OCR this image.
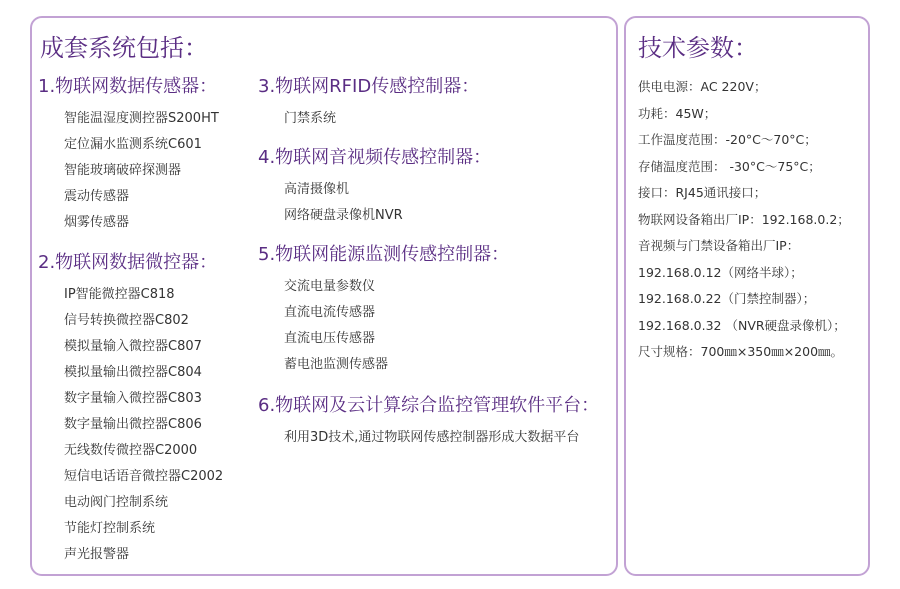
成套系统包括：
1.物联网数据传感器：
智能温湿度测控器S200HT
定位漏水监测系统C601
智能玻璃破碎探测器
震动传感器
烟雾传感器
2.物联网数据微控器：
IP智能微控器C818
信号转换微控器C802
模拟量输入微控器C807
模拟量输出微控器C804
数字量输入微控器C803
数字量输出微控器C806
无线数传微控器C2000
短信电话语音微控器C2002
电动阀门控制系统
节能灯控制系统
声光报警器
3.物联网RFID传感控制器：
门禁系统
4.物联网音视频传感控制器：
高清摄像机
网络硬盘录像机NVR
5.物联网能源监测传感控制器：
交流电量参数仪
直流电流传感器
直流电压传感器
蓄电池监测传感器
6.物联网及云计算综合监控管理软件平台：
利用3D技术,通过物联网传感控制器形成大数据平台
技术参数：
供电电源：AC 220V；
功耗：45W；
工作温度范围：-20°C～70°C；
存储温度范围： -30°C～75°C；
接口：RJ45通讯接口；
物联网设备箱出厂IP：192.168.0.2；
音视频与门禁设备箱出厂IP：
192.168.0.12（网络半球）；
192.168.0.22（门禁控制器）；
192.168.0.32 （NVR硬盘录像机）；
尺寸规格：700㎜×350㎜×200㎜。
